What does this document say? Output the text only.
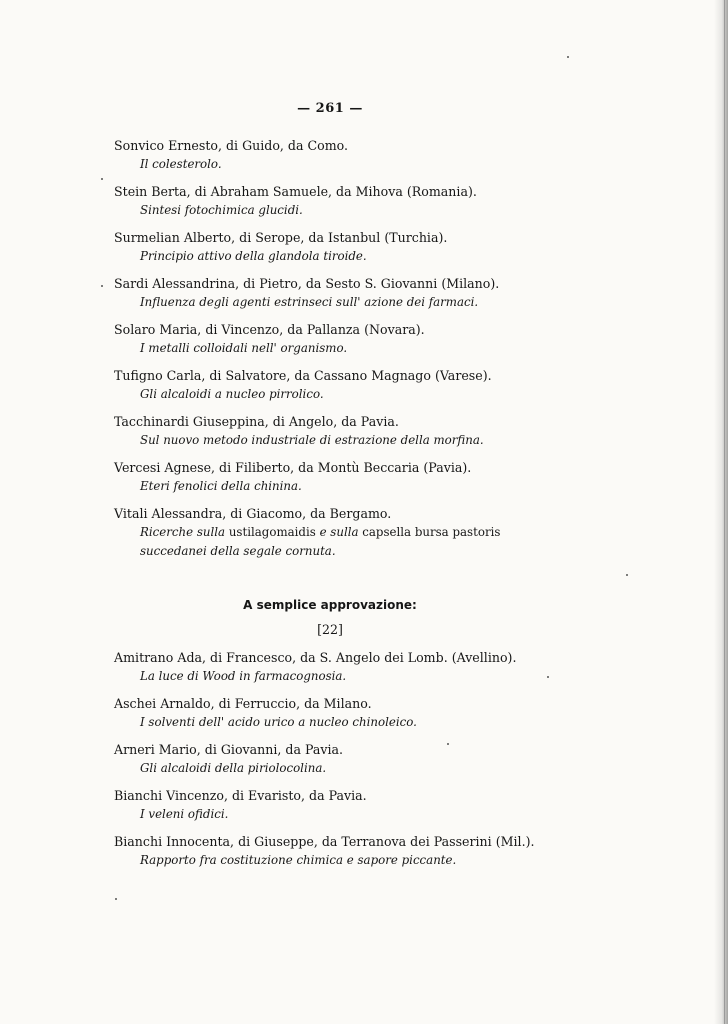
— 261 —
Sonvico Ernesto, di Guido, da Como.
Il colesterolo.
Stein Berta, di Abraham Samuele, da Mihova (Romania).
Sintesi fotochimica glucidi.
Surmelian Alberto, di Serope, da Istanbul (Turchia).
Principio attivo della glandola tiroide.
Sardi Alessandrina, di Pietro, da Sesto S. Giovanni (Milano).
Influenza degli agenti estrinseci sull' azione dei farmaci.
Solaro Maria, di Vincenzo, da Pallanza (Novara).
I metalli colloidali nell' organismo.
Tufigno Carla, di Salvatore, da Cassano Magnago (Varese).
Gli alcaloidi a nucleo pirrolico.
Tacchinardi Giuseppina, di Angelo, da Pavia.
Sul nuovo metodo industriale di estrazione della morfina.
Vercesi Agnese, di Filiberto, da Montù Beccaria (Pavia).
Eteri fenolici della chinina.
Vitali Alessandra, di Giacomo, da Bergamo.
Ricerche sulla ustilagomaidis e sulla capsella bursa pastoris
succedanei della segale cornuta.
A semplice approvazione:
[22]
Amitrano Ada, di Francesco, da S. Angelo dei Lomb. (Avellino).
La luce di Wood in farmacognosia.
Aschei Arnaldo, di Ferruccio, da Milano.
I solventi dell' acido urico a nucleo chinoleico.
Arneri Mario, di Giovanni, da Pavia.
Gli alcaloidi della piriolocolina.
Bianchi Vincenzo, di Evaristo, da Pavia.
I veleni ofidici.
Bianchi Innocenta, di Giuseppe, da Terranova dei Passerini (Mil.).
Rapporto fra costituzione chimica e sapore piccante.
